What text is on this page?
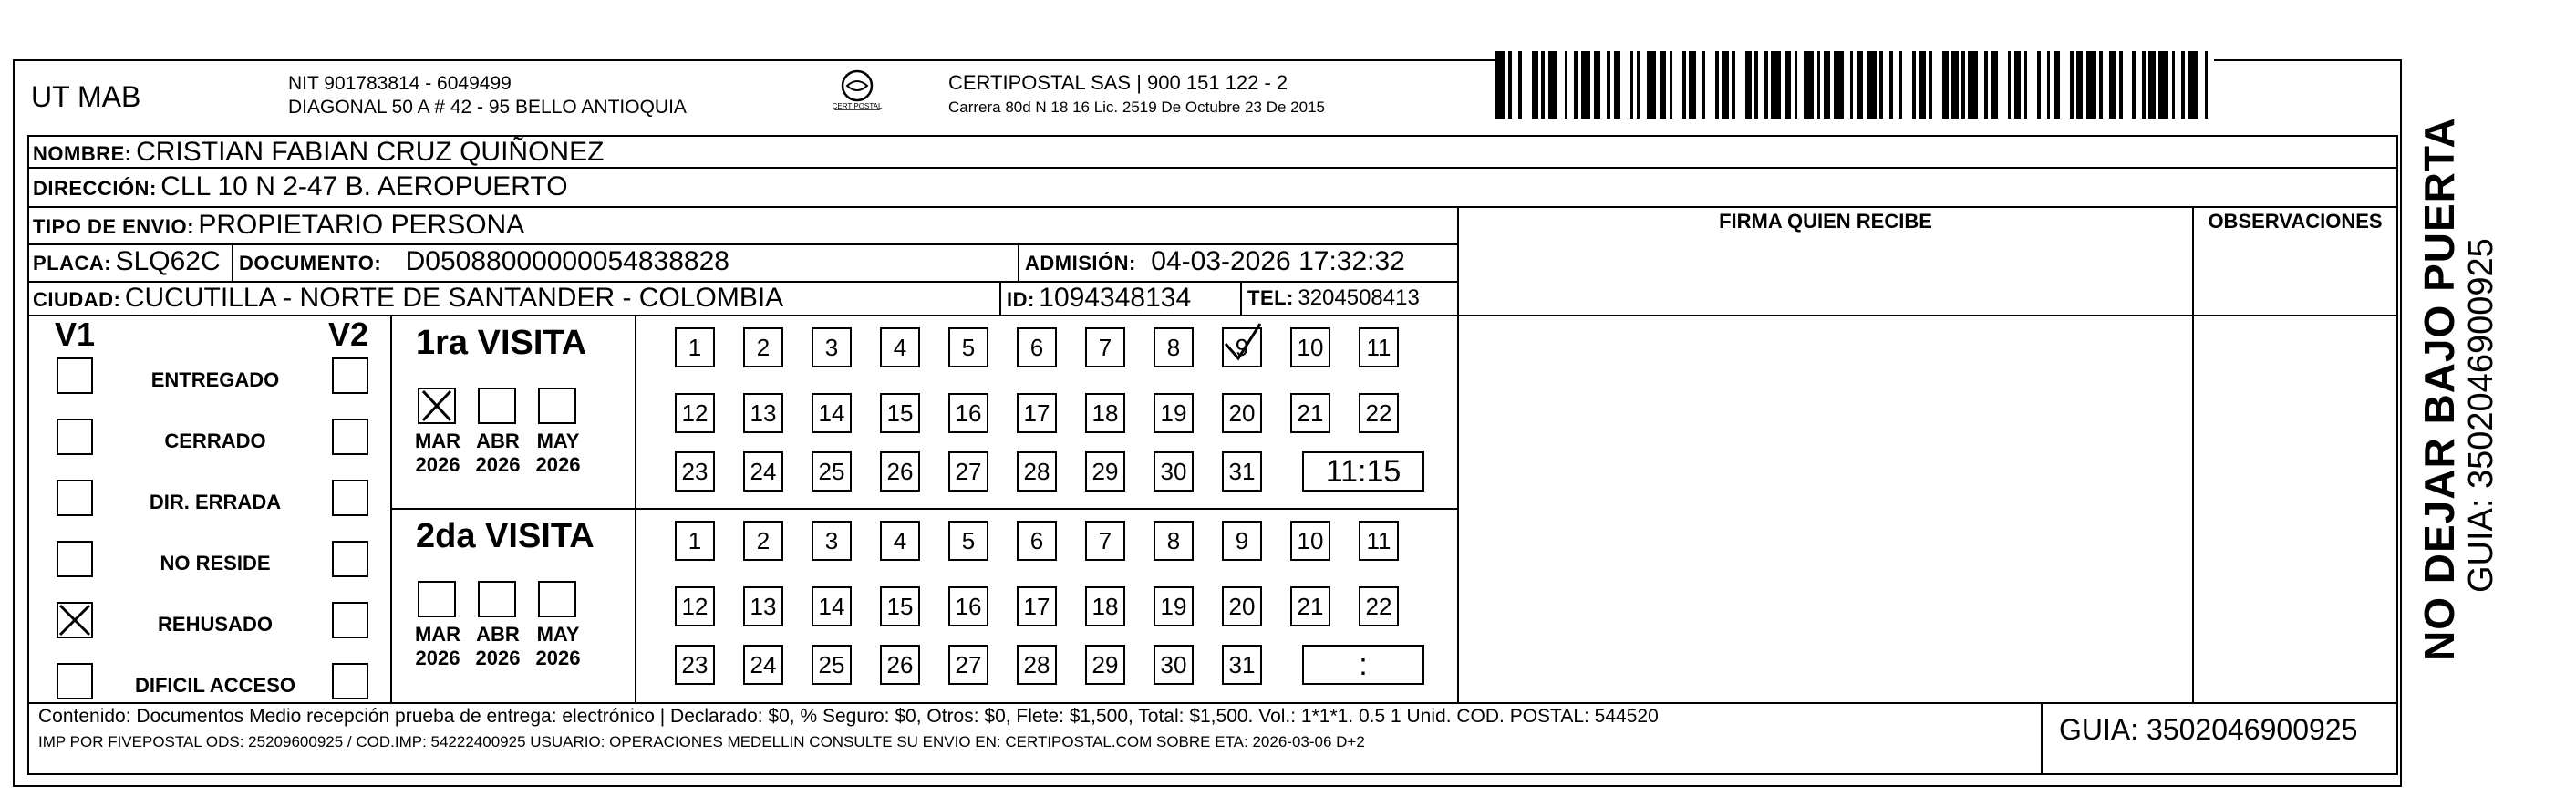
UT MAB	NIT 901783814 - 6049499
DIAGONAL 50 A # 42 - 95 BELLO ANTIOQUIA	CERTIPOSTAL
CERTIPOSTAL SAS | 900 151 122 - 2
Carrera 80d N 18 16 Lic. 2519 De Octubre 23 De 2015
NO DEJAR BAJO PUERTA GUIA: 3502046900925
NOMBRE: CRISTIAN FABIAN CRUZ QUIÑONEZ
DIRECCIÓN: CLL 10 N 2-47 B. AEROPUERTO
TIPO DE ENVIO: PROPIETARIO PERSONA	FIRMA QUIEN RECIBE	OBSERVACIONES
PLACA: SLQ62C DOCUMENTO: D05088000000054838828	ADMISIÓN: 04-03-2026 17:32:32
CIUDAD: CUCUTILLA - NORTE DE SANTANDER - COLOMBIA	ID: 1094348134	TEL: 3204508413
V1	V2
ENTREGADO
CERRADO
DIR. ERRADA
NO RESIDE
REHUSADO
DIFICIL ACCESO
1ra VISITA
MAR
2026
ABR
2026
MAY
2026
1 2 3 4 5 6 7 8 9 10 11
12 13 14 15 16 17 18 19 20 21 22
23 24 25 26 27 28 29 30 31	11:15
2da VISITA
MAR
2026
ABR
2026
MAY
2026
1 2 3 4 5 6 7 8 9 10 11
12 13 14 15 16 17 18 19 20 21 22
23 24 25 26 27 28 29 30 31	:
Contenido: Documentos Medio recepción prueba de entrega: electrónico | Declarado: $0, % Seguro: $0, Otros: $0, Flete: $1,500, Total: $1,500. Vol.: 1*1*1. 0.5 1 Unid. COD. POSTAL: 544520
IMP POR FIVEPOSTAL ODS: 25209600925 / COD.IMP: 54222400925 USUARIO: OPERACIONES MEDELLIN CONSULTE SU ENVIO EN: CERTIPOSTAL.COM SOBRE ETA: 2026-03-06 D+2	GUIA: 3502046900925
